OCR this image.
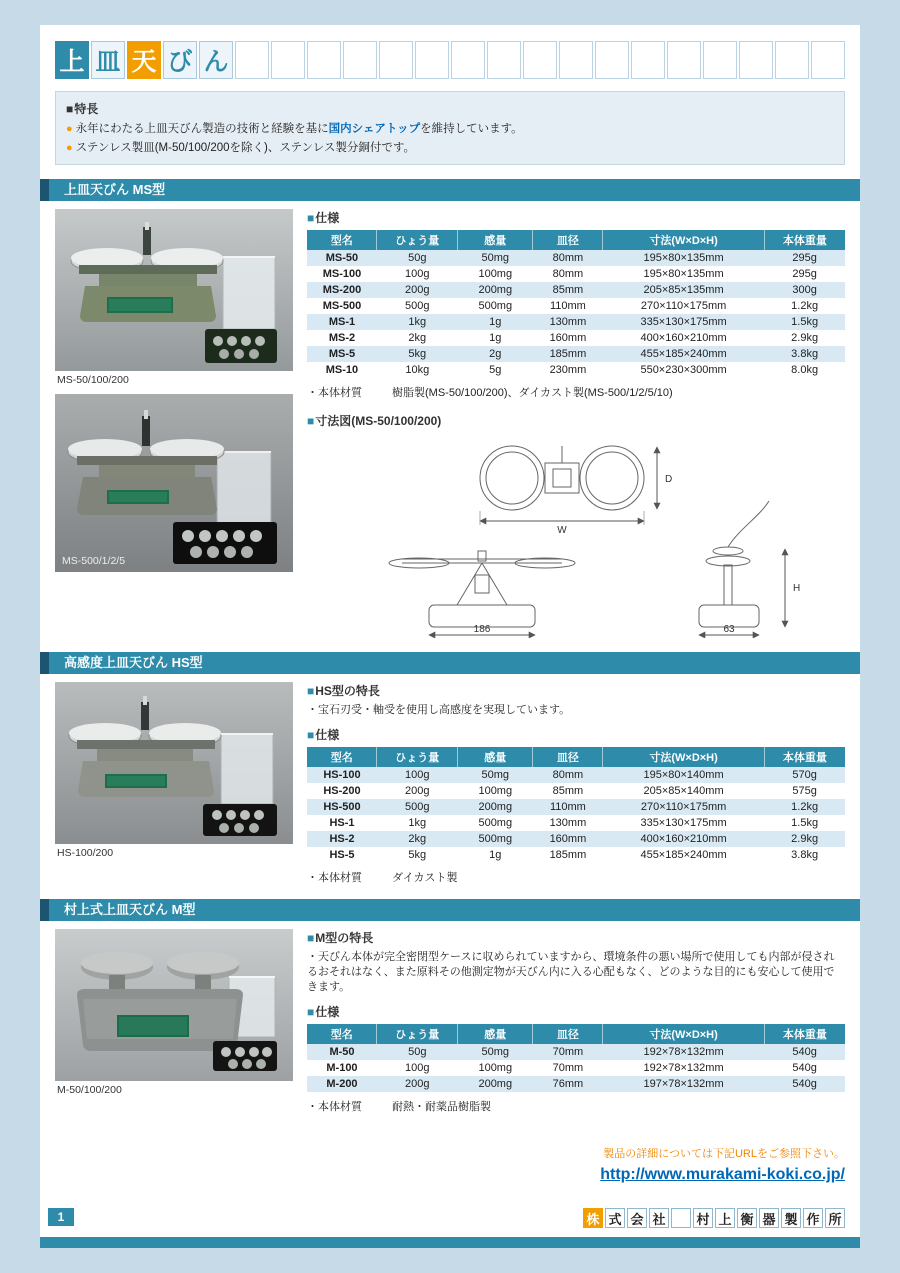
上 皿 天 び ん
■特長
● 永年にわたる上皿天びん製造の技術と経験を基に国内シェアトップを維持しています。
● ステンレス製皿(M-50/100/200を除く)、ステンレス製分銅付です。
上皿天びん MS型
MS-50/100/200
MS-500/1/2/5
■仕様
型名	ひょう量	感量	皿径	寸法(W×D×H)	本体重量
MS-50	50g	50mg	80mm	195×80×135mm	295g
MS-100	100g	100mg	80mm	195×80×135mm	295g
MS-200	200g	200mg	85mm	205×85×135mm	300g
MS-500	500g	500mg	110mm	270×110×175mm	1.2kg
MS-1	1kg	1g	130mm	335×130×175mm	1.5kg
MS-2	2kg	1g	160mm	400×160×210mm	2.9kg
MS-5	5kg	2g	185mm	455×185×240mm	3.8kg
MS-10	10kg	5g	230mm	550×230×300mm	8.0kg
・本体材質	樹脂製(MS-50/100/200)、ダイカスト製(MS-500/1/2/5/10)
■寸法図(MS-50/100/200)
W
D
186	63
H
高感度上皿天びん HS型
HS-100/200
■HS型の特長
・宝石刃受・軸受を使用し高感度を実現しています。
■仕様
型名	ひょう量	感量	皿径	寸法(W×D×H)	本体重量
HS-100	100g	50mg	80mm	195×80×140mm	570g
HS-200	200g	100mg	85mm	205×85×140mm	575g
HS-500	500g	200mg	110mm	270×110×175mm	1.2kg
HS-1	1kg	500mg	130mm	335×130×175mm	1.5kg
HS-2	2kg	500mg	160mm	400×160×210mm	2.9kg
HS-5	5kg	1g	185mm	455×185×240mm	3.8kg
・本体材質	ダイカスト製
村上式上皿天びん M型
M-50/100/200
■M型の特長
・天びん本体が完全密閉型ケースに収められていますから、環境条件の悪い場所で使用しても内部が侵されるおそれはなく、また原料その他測定物が天びん内に入る心配もなく、どのような目的にも安心して使用できます。
■仕様
型名	ひょう量	感量	皿径	寸法(W×D×H)	本体重量
M-50	50g	50mg	70mm	192×78×132mm	540g
M-100	100g	100mg	70mm	192×78×132mm	540g
M-200	200g	200mg	76mm	197×78×132mm	540g
・本体材質	耐熱・耐薬品樹脂製
製品の詳細については下記URLをご参照下さい。
http://www.murakami-koki.co.jp/
1	株 式 会 社 村 上 衡 器 製 作 所
